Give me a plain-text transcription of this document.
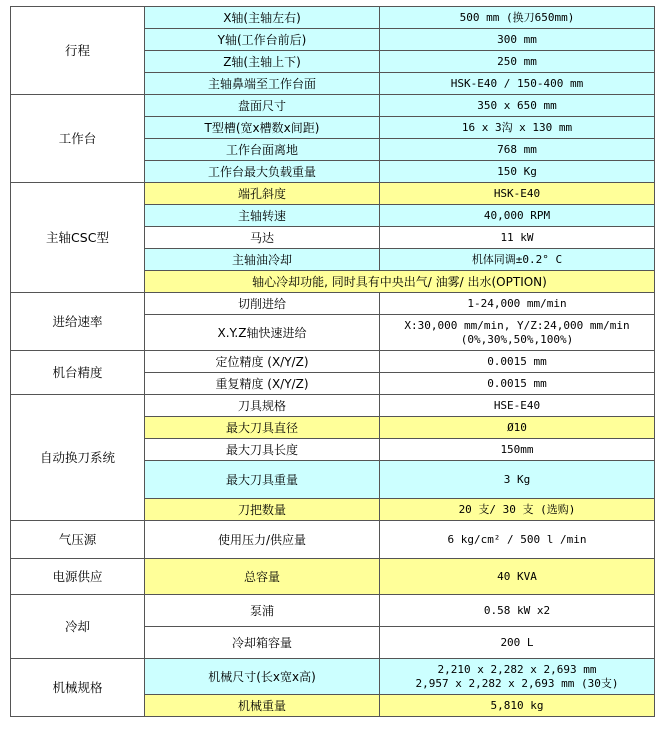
行程	X轴(主轴左右)	500 mm (换刀650mm)
	Y轴(工作台前后)	300 mm
	Z轴(主轴上下)	250 mm
	主轴鼻端至工作台面	HSK-E40 / 150-400 mm
工作台	盘面尺寸	350 x 650 mm
	T型槽(宽x槽数x间距)	16 x 3沟 x 130 mm
	工作台面离地	768 mm
	工作台最大负载重量	150 Kg
主轴CSC型	端孔斜度	HSK-E40
	主轴转速	40,000 RPM
	马达	11 kW
	主轴油冷却	机体同调±0.2° C
	轴心冷却功能, 同时具有中央出气/ 油雾/ 出水(OPTION)	
进给速率	切削进给	1-24,000 mm/min
	X.Y.Z轴快速进给	X:30,000 mm/min, Y/Z:24,000 mm/min
(0%,30%,50%,100%)

机台精度	定位精度 (X/Y/Z)	0.0015 mm
	重复精度 (X/Y/Z)	0.0015 mm
自动换刀系统	刀具规格	HSE-E40
	最大刀具直径	Ø10
	最大刀具长度	150mm
	最大刀具重量	3 Kg
	刀把数量	20 支/ 30 支 (选购)
气压源	使用压力/供应量	6 kg/cm² / 500 l /min
电源供应	总容量	40 KVA
冷却	泵浦	0.58 kW x2
	冷却箱容量	200 L
机械规格	机械尺寸(长x宽x高)	2,210 x 2,282 x 2,693 mm
2,957 x 2,282 x 2,693 mm (30支)

	机械重量	5,810 kg
